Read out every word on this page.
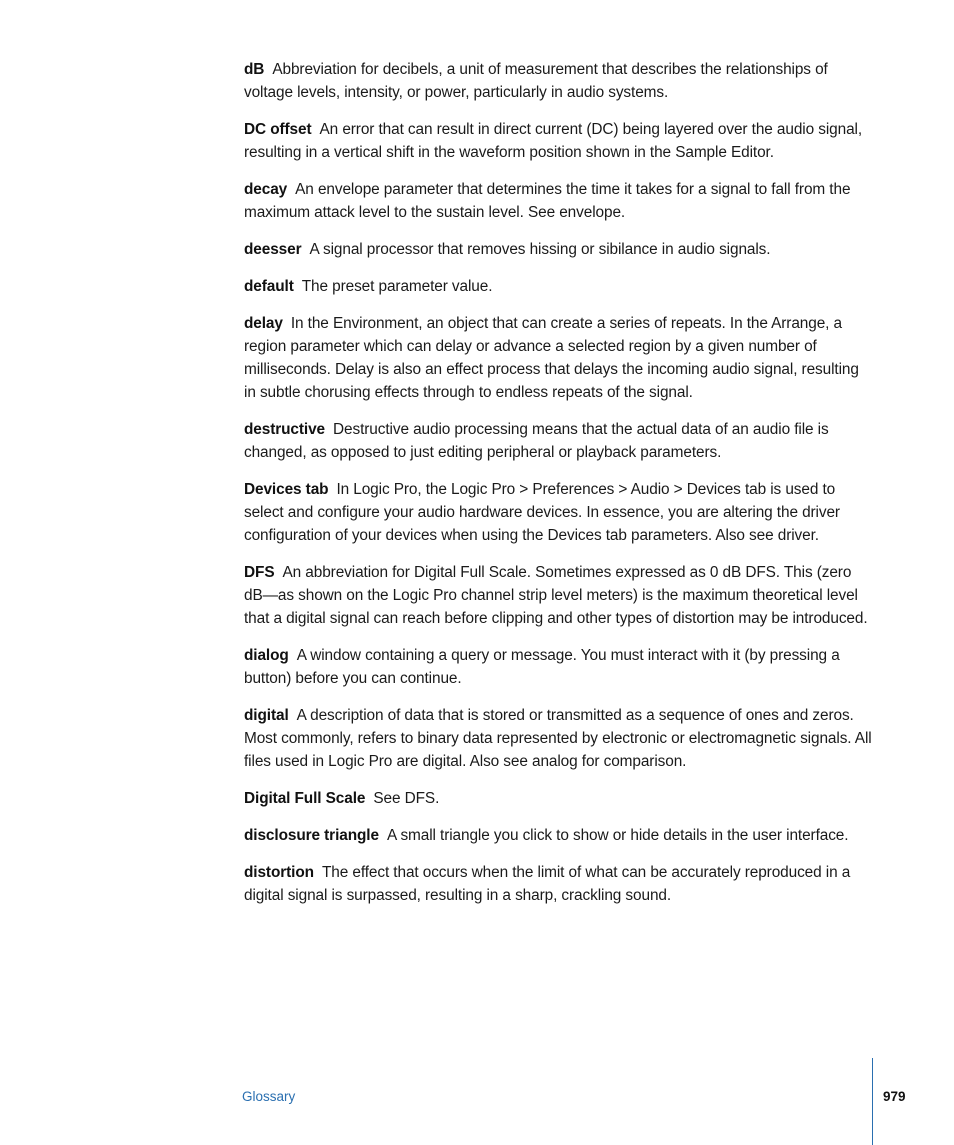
dB Abbreviation for decibels, a unit of measurement that describes the relationships of voltage levels, intensity, or power, particularly in audio systems.

DC offset An error that can result in direct current (DC) being layered over the audio signal, resulting in a vertical shift in the waveform position shown in the Sample Editor.

decay An envelope parameter that determines the time it takes for a signal to fall from the maximum attack level to the sustain level. See envelope.

deesser A signal processor that removes hissing or sibilance in audio signals.

default The preset parameter value.

delay In the Environment, an object that can create a series of repeats. In the Arrange, a region parameter which can delay or advance a selected region by a given number of milliseconds. Delay is also an effect process that delays the incoming audio signal, resulting in subtle chorusing effects through to endless repeats of the signal.

destructive Destructive audio processing means that the actual data of an audio file is changed, as opposed to just editing peripheral or playback parameters.

Devices tab In Logic Pro, the Logic Pro > Preferences > Audio > Devices tab is used to select and configure your audio hardware devices. In essence, you are altering the driver configuration of your devices when using the Devices tab parameters. Also see driver.

DFS An abbreviation for Digital Full Scale. Sometimes expressed as 0 dB DFS. This (zero dB—as shown on the Logic Pro channel strip level meters) is the maximum theoretical level that a digital signal can reach before clipping and other types of distortion may be introduced.

dialog A window containing a query or message. You must interact with it (by pressing a button) before you can continue.

digital A description of data that is stored or transmitted as a sequence of ones and zeros. Most commonly, refers to binary data represented by electronic or electromagnetic signals. All files used in Logic Pro are digital. Also see analog for comparison.

Digital Full Scale See DFS.

disclosure triangle A small triangle you click to show or hide details in the user interface.

distortion The effect that occurs when the limit of what can be accurately reproduced in a digital signal is surpassed, resulting in a sharp, crackling sound.

Glossary	979
